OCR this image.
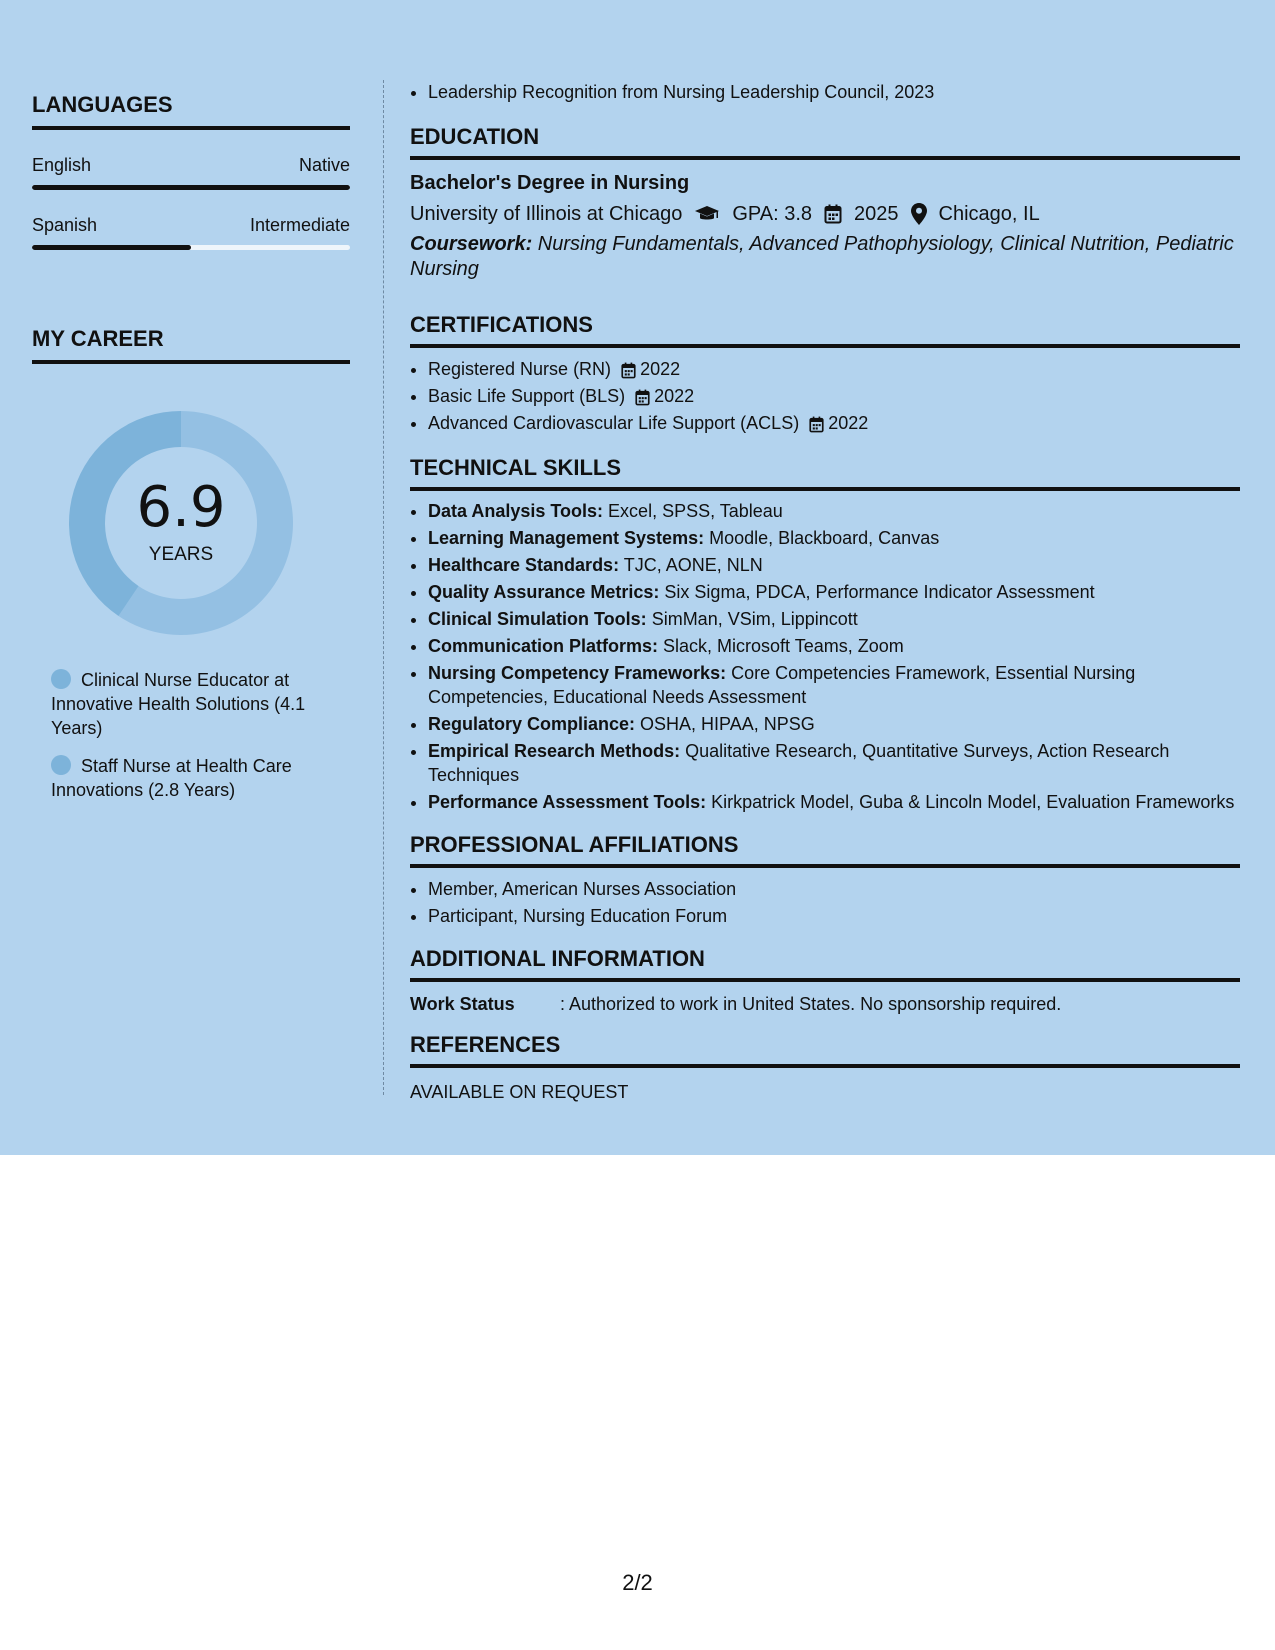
LANGUAGES
English	Native
Spanish	Intermediate
MY CAREER
6.9
YEARS
Clinical Nurse Educator at Innovative Health Solutions (4.1 Years)
Staff Nurse at Health Care Innovations (2.8 Years)
• Leadership Recognition from Nursing Leadership Council, 2023
EDUCATION
Bachelor's Degree in Nursing
University of Illinois at Chicago	GPA: 3.8 2025 Chicago, IL
Coursework: Nursing Fundamentals, Advanced Pathophysiology, Clinical Nutrition, Pediatric Nursing
CERTIFICATIONS
• Registered Nurse (RN) 2022
• Basic Life Support (BLS) 2022
• Advanced Cardiovascular Life Support (ACLS) 2022
TECHNICAL SKILLS
• Data Analysis Tools: Excel, SPSS, Tableau
• Learning Management Systems: Moodle, Blackboard, Canvas
• Healthcare Standards: TJC, AONE, NLN
• Quality Assurance Metrics: Six Sigma, PDCA, Performance Indicator Assessment
• Clinical Simulation Tools: SimMan, VSim, Lippincott
• Communication Platforms: Slack, Microsoft Teams, Zoom
• Nursing Competency Frameworks: Core Competencies Framework, Essential Nursing Competencies, Educational Needs Assessment
• Regulatory Compliance: OSHA, HIPAA, NPSG
• Empirical Research Methods: Qualitative Research, Quantitative Surveys, Action Research Techniques
• Performance Assessment Tools: Kirkpatrick Model, Guba & Lincoln Model, Evaluation Frameworks
PROFESSIONAL AFFILIATIONS
• Member, American Nurses Association
• Participant, Nursing Education Forum
ADDITIONAL INFORMATION
Work Status	: Authorized to work in United States. No sponsorship required.
REFERENCES
AVAILABLE ON REQUEST
2/2
